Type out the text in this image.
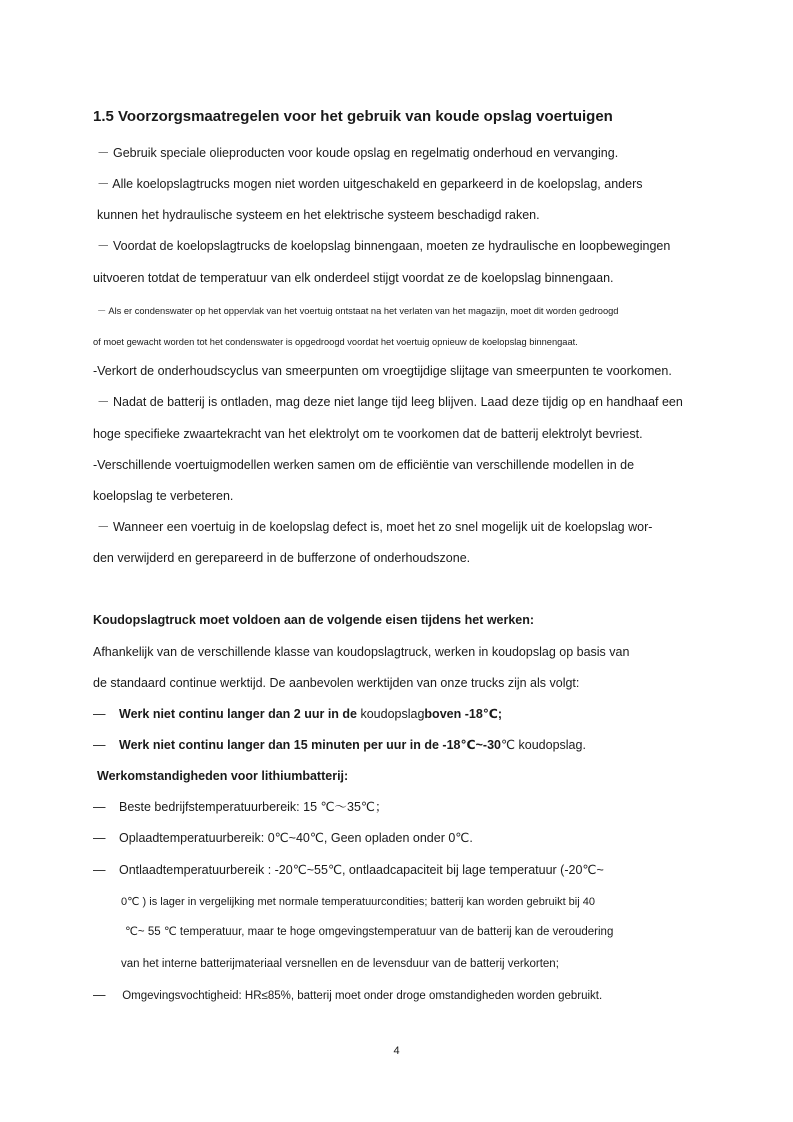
1.5 Voorzorgsmaatregelen voor het gebruik van koude opslag voertuigen
－ Gebruik speciale olieproducten voor koude opslag en regelmatig onderhoud en vervanging.
－ Alle koelopslagtrucks mogen niet worden uitgeschakeld en geparkeerd in de koelopslag, anders
kunnen het hydraulische systeem en het elektrische systeem beschadigd raken.
－ Voordat de koelopslagtrucks de koelopslag binnengaan, moeten ze hydraulische en loopbewegingen
uitvoeren totdat de temperatuur van elk onderdeel stijgt voordat ze de koelopslag binnengaan.
－ Als er condenswater op het oppervlak van het voertuig ontstaat na het verlaten van het magazijn, moet dit worden gedroogd
of moet gewacht worden tot het condenswater is opgedroogd voordat het voertuig opnieuw de koelopslag binnengaat.
-Verkort de onderhoudscyclus van smeerpunten om vroegtijdige slijtage van smeerpunten te voorkomen.
－ Nadat de batterij is ontladen, mag deze niet lange tijd leeg blijven. Laad deze tijdig op en handhaaf een
hoge specifieke zwaartekracht van het elektrolyt om te voorkomen dat de batterij elektrolyt bevriest.
-Verschillende voertuigmodellen werken samen om de efficiëntie van verschillende modellen in de
koelopslag te verbeteren.
－ Wanneer een voertuig in de koelopslag defect is, moet het zo snel mogelijk uit de koelopslag wor-
den verwijderd en gerepareerd in de bufferzone of onderhoudszone.
Koudopslagtruck moet voldoen aan de volgende eisen tijdens het werken:
Afhankelijk van de verschillende klasse van koudopslagtruck, werken in koudopslag op basis van
de standaard continue werktijd. De aanbevolen werktijden van onze trucks zijn als volgt:
— Werk niet continu langer dan 2 uur in de koudopslagboven -18℃;
— Werk niet continu langer dan 15 minuten per uur in de -18℃~-30℃ koudopslag.
Werkomstandigheden voor lithiumbatterij:
— Beste bedrijfstemperatuurbereik: 15 ℃～35℃；
— Oplaadtemperatuurbereik: 0℃~40℃, Geen opladen onder 0℃.
— Ontlaadtemperatuurbereik : -20℃~55℃, ontlaadcapaciteit bij lage temperatuur (-20℃~
0℃ ) is lager in vergelijking met normale temperatuurcondities; batterij kan worden gebruikt bij 40
℃~ 55 ℃ temperatuur, maar te hoge omgevingstemperatuur van de batterij kan de veroudering
van het interne batterijmateriaal versnellen en de levensduur van de batterij verkorten;
— Omgevingsvochtigheid: HR≤85%, batterij moet onder droge omstandigheden worden gebruikt.
4
